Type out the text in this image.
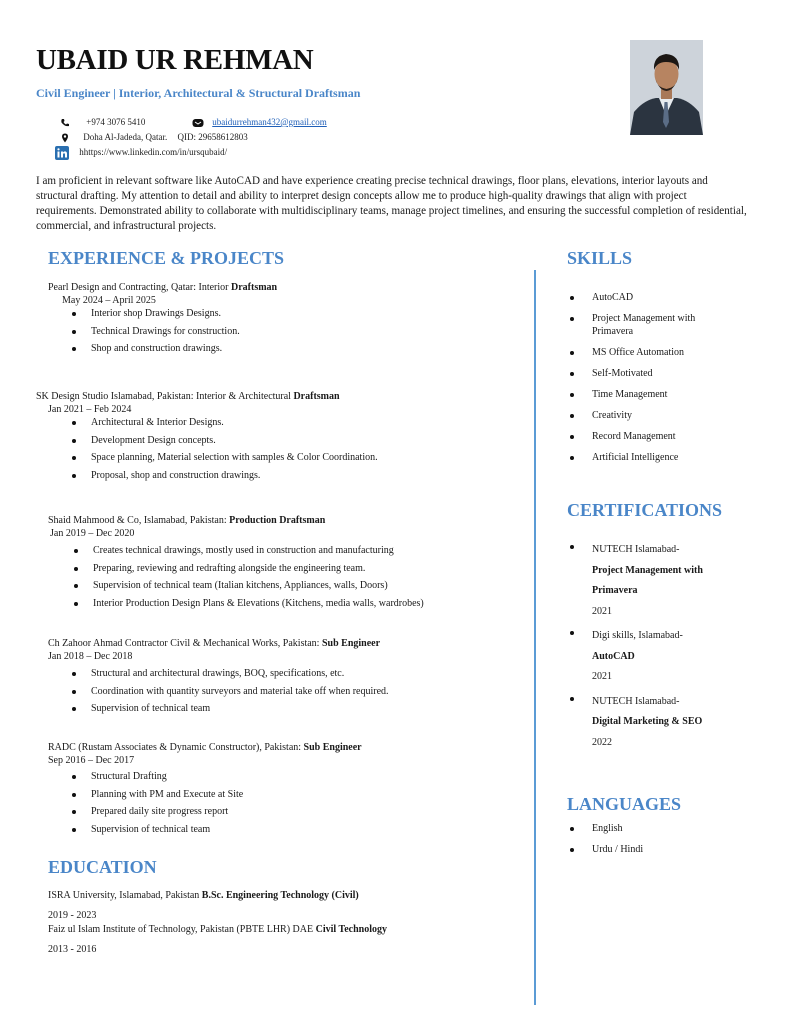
UBAID UR REHMAN
Civil Engineer | Interior, Architectural & Structural Draftsman
+974 3076 5410	ubaidurrehman432@gmail.com
Doha Al-Jadeda, Qatar. QID: 29658612803
hhttps://www.linkedin.com/in/ursqubaid/
I am proficient in relevant software like AutoCAD and have experience creating precise technical drawings, floor plans, elevations, interior layouts and structural drafting. My attention to detail and ability to interpret design concepts allow me to produce high-quality drawings that align with project requirements. Demonstrated ability to collaborate with multidisciplinary teams, manage project timelines, and ensuring the successful completion of residential, commercial, and infrastructural projects.
EXPERIENCE & PROJECTS
Pearl Design and Contracting, Qatar: Interior Draftsman
May 2024 – April 2025
Interior shop Drawings Designs.
Technical Drawings for construction.
Shop and construction drawings.
SK Design Studio Islamabad, Pakistan: Interior & Architectural Draftsman
Jan 2021 – Feb 2024
Architectural & Interior Designs.
Development Design concepts.
Space planning, Material selection with samples & Color Coordination.
Proposal, shop and construction drawings.
Shaid Mahmood & Co, Islamabad, Pakistan: Production Draftsman
Jan 2019 – Dec 2020
Creates technical drawings, mostly used in construction and manufacturing
Preparing, reviewing and redrafting alongside the engineering team.
Supervision of technical team (Italian kitchens, Appliances, walls, Doors)
Interior Production Design Plans & Elevations (Kitchens, media walls, wardrobes)
Ch Zahoor Ahmad Contractor Civil & Mechanical Works, Pakistan: Sub Engineer
Jan 2018 – Dec 2018
Structural and architectural drawings, BOQ, specifications, etc.
Coordination with quantity surveyors and material take off when required.
Supervision of technical team
RADC (Rustam Associates & Dynamic Constructor), Pakistan: Sub Engineer
Sep 2016 – Dec 2017
Structural Drafting
Planning with PM and Execute at Site
Prepared daily site progress report
Supervision of technical team
EDUCATION
ISRA University, Islamabad, Pakistan B.Sc. Engineering Technology (Civil)
2019 - 2023
Faiz ul Islam Institute of Technology, Pakistan (PBTE LHR) DAE Civil Technology
2013 - 2016
SKILLS
AutoCAD
Project Management with Primavera
MS Office Automation
Self-Motivated
Time Management
Creativity
Record Management
Artificial Intelligence
CERTIFICATIONS
NUTECH Islamabad-
Project Management with Primavera
2021
Digi skills, Islamabad-
AutoCAD
2021
NUTECH Islamabad-
Digital Marketing & SEO
2022
LANGUAGES
English
Urdu / Hindi
